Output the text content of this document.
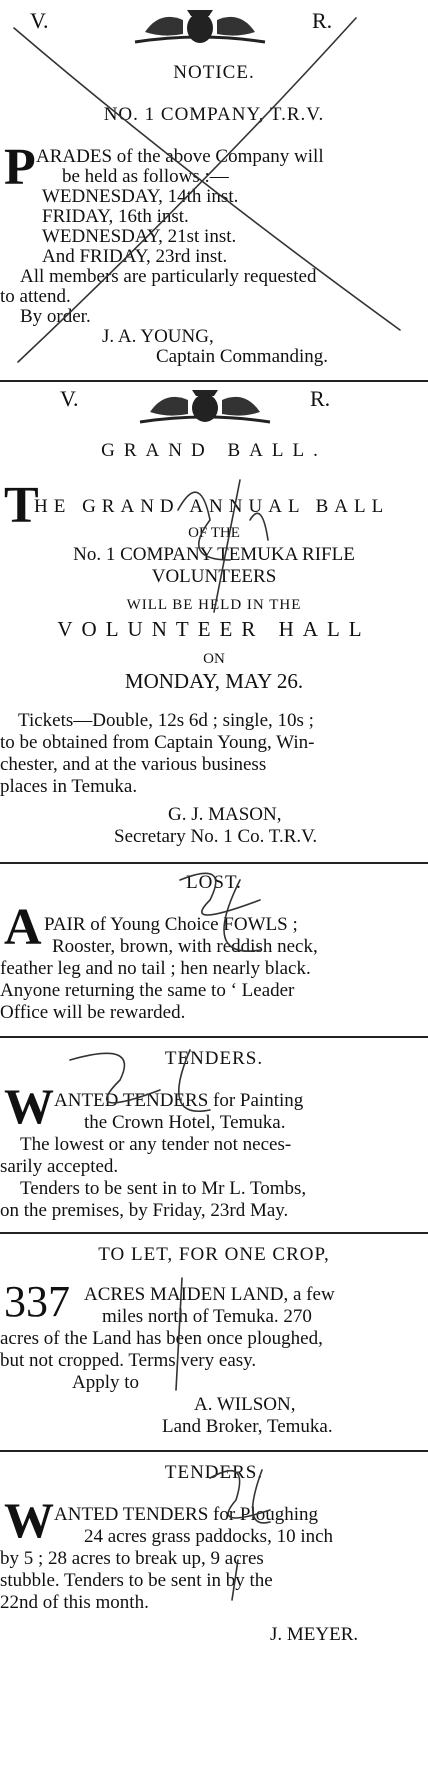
V.	R.
NOTICE.
NO. 1 COMPANY, T.R.V.
P ARADES of the above Company will
be held as follows :—
WEDNESDAY, 14th inst.
FRIDAY, 16th inst.
WEDNESDAY, 21st inst.
And FRIDAY, 23rd inst.
All members are particularly requested
to attend.
By order.
J. A. YOUNG,
Captain Commanding.
V.	R.
GRAND BALL.
T
HE GRAND ANNUAL BALL
OF THE
No. 1 COMPANY TEMUKA RIFLE
VOLUNTEERS
WILL BE HELD IN THE
VOLUNTEER HALL
ON
MONDAY, MAY 26.
Tickets—Double, 12s 6d ; single, 10s ;
to be obtained from Captain Young, Win-
chester, and at the various business
places in Temuka.
G. J. MASON,
Secretary No. 1 Co. T.R.V.
LOST.
A PAIR of Young Choice FOWLS ;
Rooster, brown, with reddish neck,
feather leg and no tail ; hen nearly black.
Anyone returning the same to ‘ Leader
Office will be rewarded.
TENDERS.
W ANTED TENDERS for Painting
the Crown Hotel, Temuka.
The lowest or any tender not neces-
sarily accepted.
Tenders to be sent in to Mr L. Tombs,
on the premises, by Friday, 23rd May.
TO LET, FOR ONE CROP,
337 ACRES MAIDEN LAND, a few
miles north of Temuka. 270
acres of the Land has been once ploughed,
but not cropped. Terms very easy.
Apply to
A. WILSON,
Land Broker, Temuka.
TENDERS.
W ANTED TENDERS for Ploughing
24 acres grass paddocks, 10 inch
by 5 ; 28 acres to break up, 9 acres
stubble. Tenders to be sent in by the
22nd of this month.
J. MEYER.
